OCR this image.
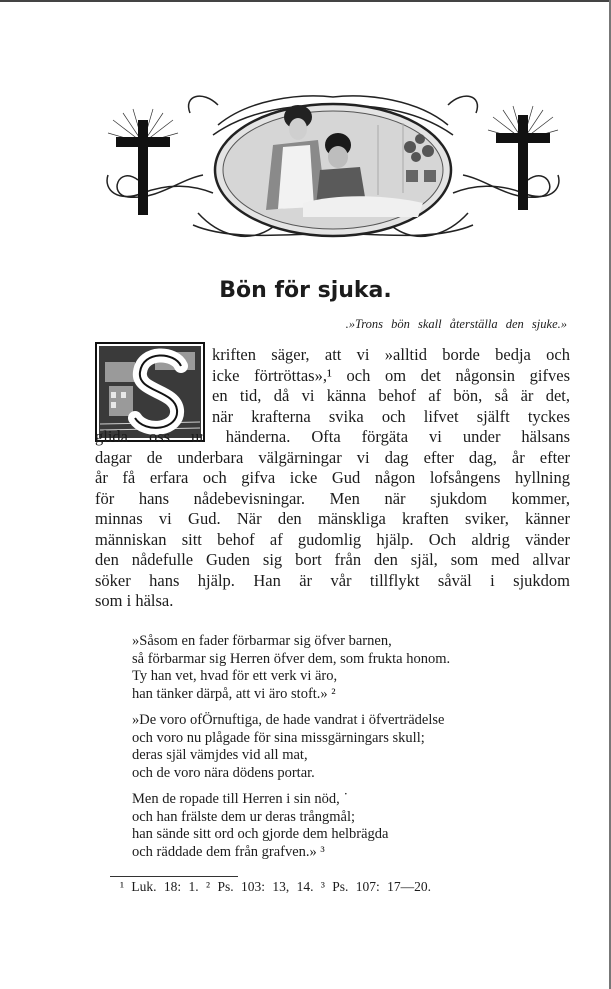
Bön för sjuka.
.»Trons bön skall återställa den sjuke.»
kriften säger, att vi »alltid borde bedja och
icke förtröttas»,¹ och om det någonsin gifves
en tid, då vi känna behof af bön, så är det,
när krafterna svika och lifvet själft tyckes
glida oss ur händerna. Ofta förgäta vi under hälsans
dagar de underbara välgärningar vi dag efter dag, år efter
år få erfara och gifva icke Gud någon lofsångens hyllning
för hans nådebevisningar. Men när sjukdom kommer,
minnas vi Gud. När den mänskliga kraften sviker, känner
människan sitt behof af gudomlig hjälp. Och aldrig vänder
den nådefulle Guden sig bort från den själ, som med allvar
söker hans hjälp. Han är vår tillflykt såväl i sjukdom
som i hälsa.
»Såsom en fader förbarmar sig öfver barnen,
så förbarmar sig Herren öfver dem, som frukta honom.
Ty han vet, hvad för ett verk vi äro,
han tänker därpå, att vi äro stoft.» ²
»De voro ofÖrnuftiga, de hade vandrat i öfverträdelse
och voro nu plågade för sina missgärningars skull;
deras själ vämjdes vid all mat,
och de voro nära dödens portar.
Men de ropade till Herren i sin nöd, ˙
och han frälste dem ur deras trångmål;
han sände sitt ord och gjorde dem helbrägda
och räddade dem från grafven.» ³
¹ Luk. 18: 1. ² Ps. 103: 13, 14. ³ Ps. 107: 17—20.
